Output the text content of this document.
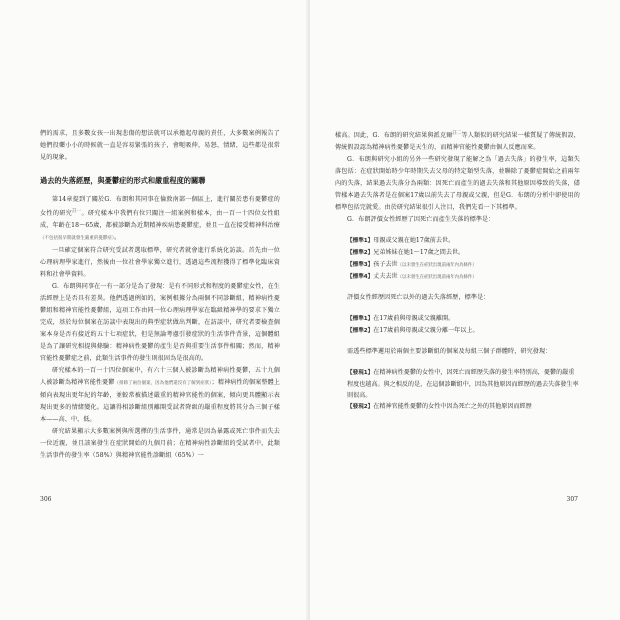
們的需求，且多數女孩一出現悲傷的想法就可以承擔起母親的責任，大多數案例報告了她們投藥小小的時候就一直是容易緊張的孩子，會呃吸伸，易怒、情緒，這些都是很常見的現象。

過去的失落經歷，與憂鬱症的形式和嚴重程度的關聯

第14章提到了關於G．布朗和其同事在倫敦南部一個區上，進行關於患有憂鬱症的女性的研究$^{註一}$。研究樣本中我們有位只關注一組案例和樣本，由一百一十四位女性組成，年齡在18～65歲，都被診斷為近期精神疾病患憂鬱症，並且一直在接受精神科治療（不包括很早期就發生嚴重的憂鬱症）。

一旦確定個案符合研究受試者選取標準，研究者就會進行系統化訪談。首先由一位心理病理學家進行，然後由一位社會學家獨立進行，透過這些流程獲得了標準化臨床資料和社會學資料。

G．布朗與同事在一有一部分是為了發現：是有不同形式和程度的憂鬱症女性，在生活經歷上是否具有差異。他們透過例如的，案例根據分為兩個不同診斷組，精神病性憂鬱組和精神官能性憂鬱組，這項工作由同一位心理病理學家在臨級精神學的要求下獨立完成，基於每位個案在訪談中表現出的典型症狀做出判斷，在訪談中，研究者要檢查個案本身是否有接近約五十七項症狀，但是無論考慮引發症狀的生活事件背景，這個體組是為了讓研究相提與條驗：精神病性憂鬱的產生是否與重要生活事件相關；然而，精神官能性憂鬱症之前，此類生活事件的發生則很固為是很高的。

研究樣本的一百一十四位個案中，有六十三個人被診斷為精神病性憂鬱，五十九個人被診斷為精神官能性憂鬱（排除了兩位個案，因為他們還沒有了解到症狀）；精神病性的個案整體上傾向表現出更年紀的年齡，並較常被描述嚴重的精神官能性的個案，傾向更具體顯示表現出更多的情緒變化。這讓得相診斷組別離開受試者降級的嚴重程度將其分為三個子樣本——高、中、低。

研究結果顯示大多數案例與所選擇的生活事件，通常是因為暴露或死亡事件而失去一位近親，並且該案發生在症狀開始的九個月前；在精神病性診斷組的受試者中，此類生活事件的發生率（58%）與精神官能性診斷組（65%）一

306

樣高。因此，G．布朗的研究結果與派克爾$^{註二}$等人類似的研究結果一樣質疑了傳統假設，傳統假設認為精神病性憂鬱是天生的，而精神官能性憂鬱由個人反應而來。

G．布朗與研究小組的另外一些研究發現了能解之為「過去失落」的發生率，這類失落包括：在症狀開始時少年時期失去父母的特定類型失落，並聯除了憂鬱症開始之前兩年內的失落，結果過去失落分為兩類：因死亡而產生的過去失落和其他原因導致的失落，儘管樣本過去失落者是在個案17歲以前失去了母親或父親，但是G．布朗的分析中卻使用的標準包括完就愛。由於研究結果很引人注目，我們先看一下其標準。

G．布朗評價女性經歷了因死亡而產生失落的標準是：

【標準1】母親或父親在她17歲前去世。

【標準2】兄弟姊妹在她1～17歲之間去世。

【標準3】孩子去世（以未發生在症狀出現前兩年內為條件）

【標準4】丈夫去世（以未發生在症狀出現前兩年內為條件）

評價女性經歷因死亡以外的過去失落經歷，標準是：

【標準1】在17歲前與母親或父親離開。

【標準2】在17歲前與母親或父親分離一年以上。

需透些標準邏用於兩個主要診斷組的個案及每組三個子群體時，研究發現：

【發現1】在精神病性憂鬱的女性中，因死亡而經歷失落的發生率特別高，憂鬱的嚴重程度也越高。與之相反的是，在這個診斷組中，因為其他原因而經歷的過去失落發生率則很高。

【發現2】在精神官能性憂鬱的女性中因為死亡之外的其他原因而經歷

307
